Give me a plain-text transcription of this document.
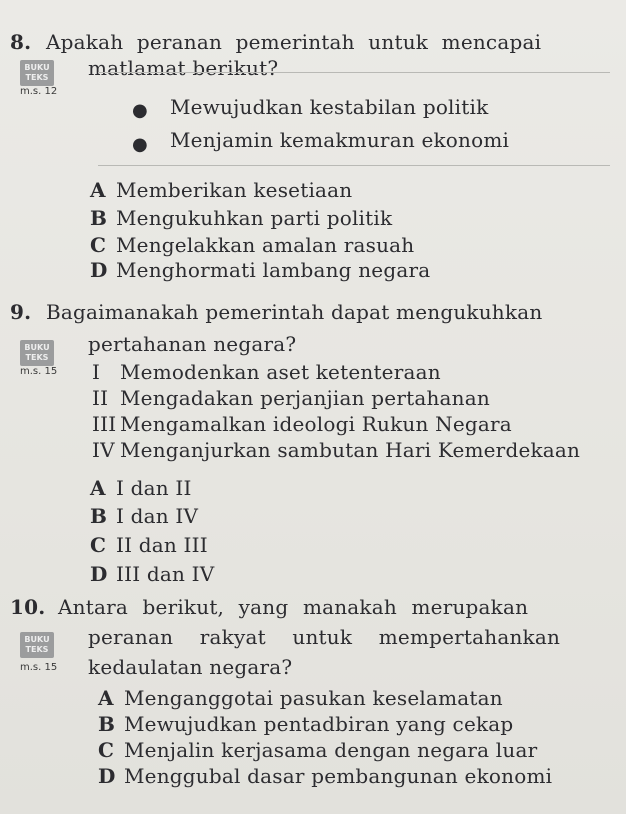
8. Apakah peranan pemerintah untuk mencapai
BUKU TEKS matlamat berikut?
m.s. 12
● Mewujudkan kestabilan politik
● Menjamin kemakmuran ekonomi
A Memberikan kesetiaan
B Mengukuhkan parti politik
C Mengelakkan amalan rasuah
D Menghormati lambang negara
9. Bagaimanakah pemerintah dapat mengukuhkan
BUKU TEKS
pertahanan negara?
m.s. 15 I Memodenkan aset ketenteraan
II Mengadakan perjanjian pertahanan
III Mengamalkan ideologi Rukun Negara
IV Menganjurkan sambutan Hari Kemerdekaan
A I dan II
B I dan IV
C II dan III
D III dan IV
10. Antara berikut, yang manakah merupakan
BUKU TEKS
peranan rakyat untuk mempertahankan
m.s. 15 kedaulatan negara?
A Menganggotai pasukan keselamatan
B Mewujudkan pentadbiran yang cekap
C Menjalin kerjasama dengan negara luar
D Menggubal dasar pembangunan ekonomi
